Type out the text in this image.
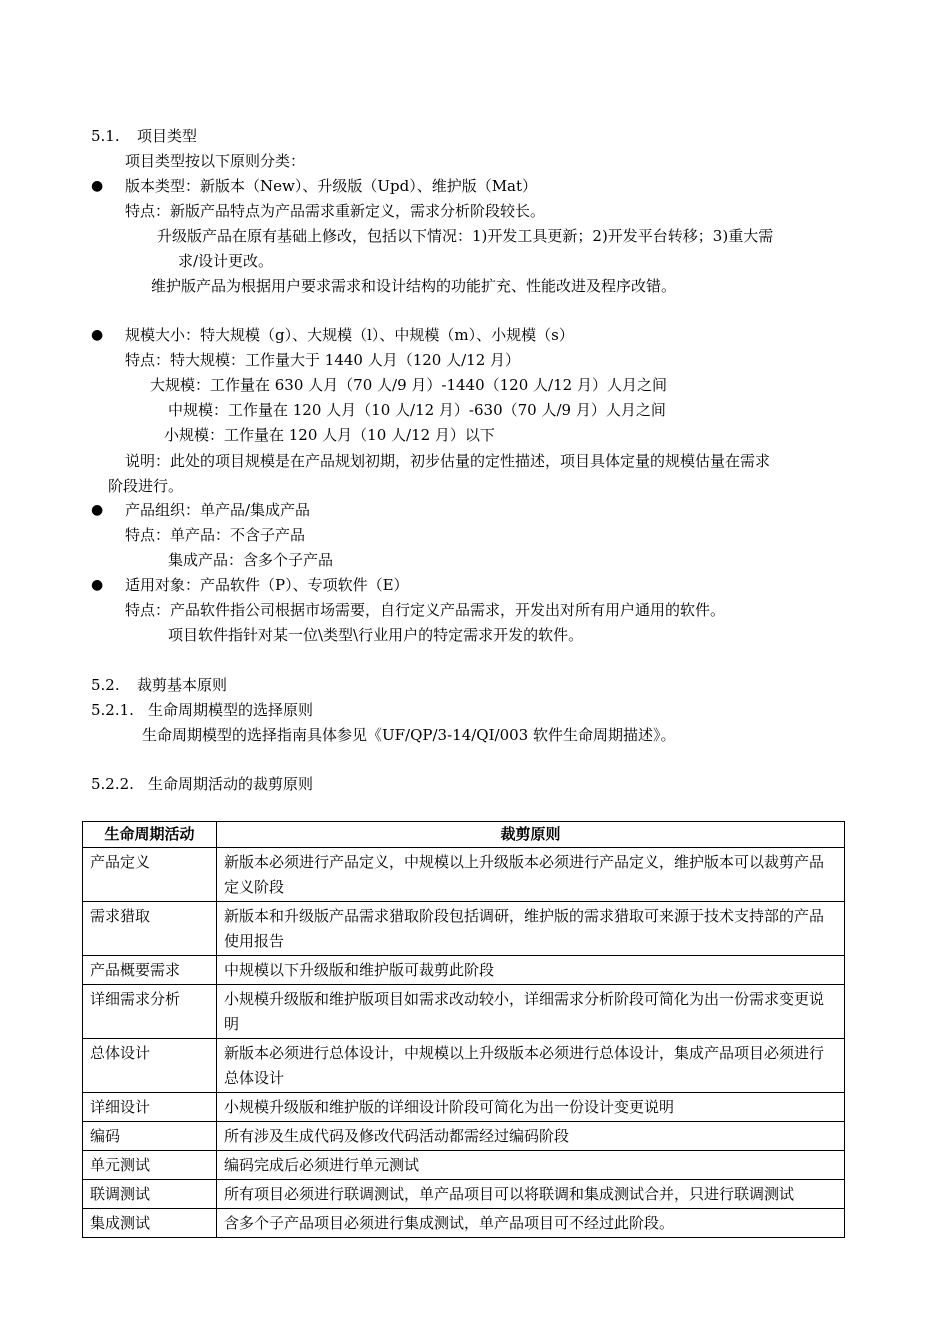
5.1. 项目类型
项目类型按以下原则分类：
● 版本类型：新版本（New）、升级版（Upd）、维护版（Mat）
特点：新版产品特点为产品需求重新定义，需求分析阶段较长。
升级版产品在原有基础上修改，包括以下情况：1)开发工具更新；2)开发平台转移；3)重大需
求/设计更改。
维护版产品为根据用户要求需求和设计结构的功能扩充、性能改进及程序改错。
● 规模大小：特大规模（g）、大规模（l）、中规模（m）、小规模（s）
特点：特大规模：工作量大于 1440 人月（120 人/12 月）
大规模：工作量在 630 人月（70 人/9 月）-1440（120 人/12 月）人月之间
中规模：工作量在 120 人月（10 人/12 月）-630（70 人/9 月）人月之间
小规模：工作量在 120 人月（10 人/12 月）以下
说明：此处的项目规模是在产品规划初期，初步估量的定性描述，项目具体定量的规模估量在需求
阶段进行。
● 产品组织：单产品/集成产品
特点：单产品：不含子产品
集成产品：含多个子产品
● 适用对象：产品软件（P）、专项软件（E）
特点：产品软件指公司根据市场需要，自行定义产品需求，开发出对所有用户通用的软件。
项目软件指针对某一位\类型\行业用户的特定需求开发的软件。
5.2. 裁剪基本原则
5.2.1. 生命周期模型的选择原则
生命周期模型的选择指南具体参见《UF/QP/3-14/QI/003 软件生命周期描述》。
5.2.2. 生命周期活动的裁剪原则
生命周期活动	裁剪原则
产品定义	新版本必须进行产品定义，中规模以上升级版本必须进行产品定义，维护版本可以裁剪产品定义阶段
需求猎取	新版本和升级版产品需求猎取阶段包括调研，维护版的需求猎取可来源于技术支持部的产品使用报告
产品概要需求	中规模以下升级版和维护版可裁剪此阶段
详细需求分析	小规模升级版和维护版项目如需求改动较小，详细需求分析阶段可简化为出一份需求变更说明
总体设计	新版本必须进行总体设计，中规模以上升级版本必须进行总体设计，集成产品项目必须进行总体设计
详细设计	小规模升级版和维护版的详细设计阶段可简化为出一份设计变更说明
编码	所有涉及生成代码及修改代码活动都需经过编码阶段
单元测试	编码完成后必须进行单元测试
联调测试	所有项目必须进行联调测试，单产品项目可以将联调和集成测试合并，只进行联调测试
集成测试	含多个子产品项目必须进行集成测试，单产品项目可不经过此阶段。
